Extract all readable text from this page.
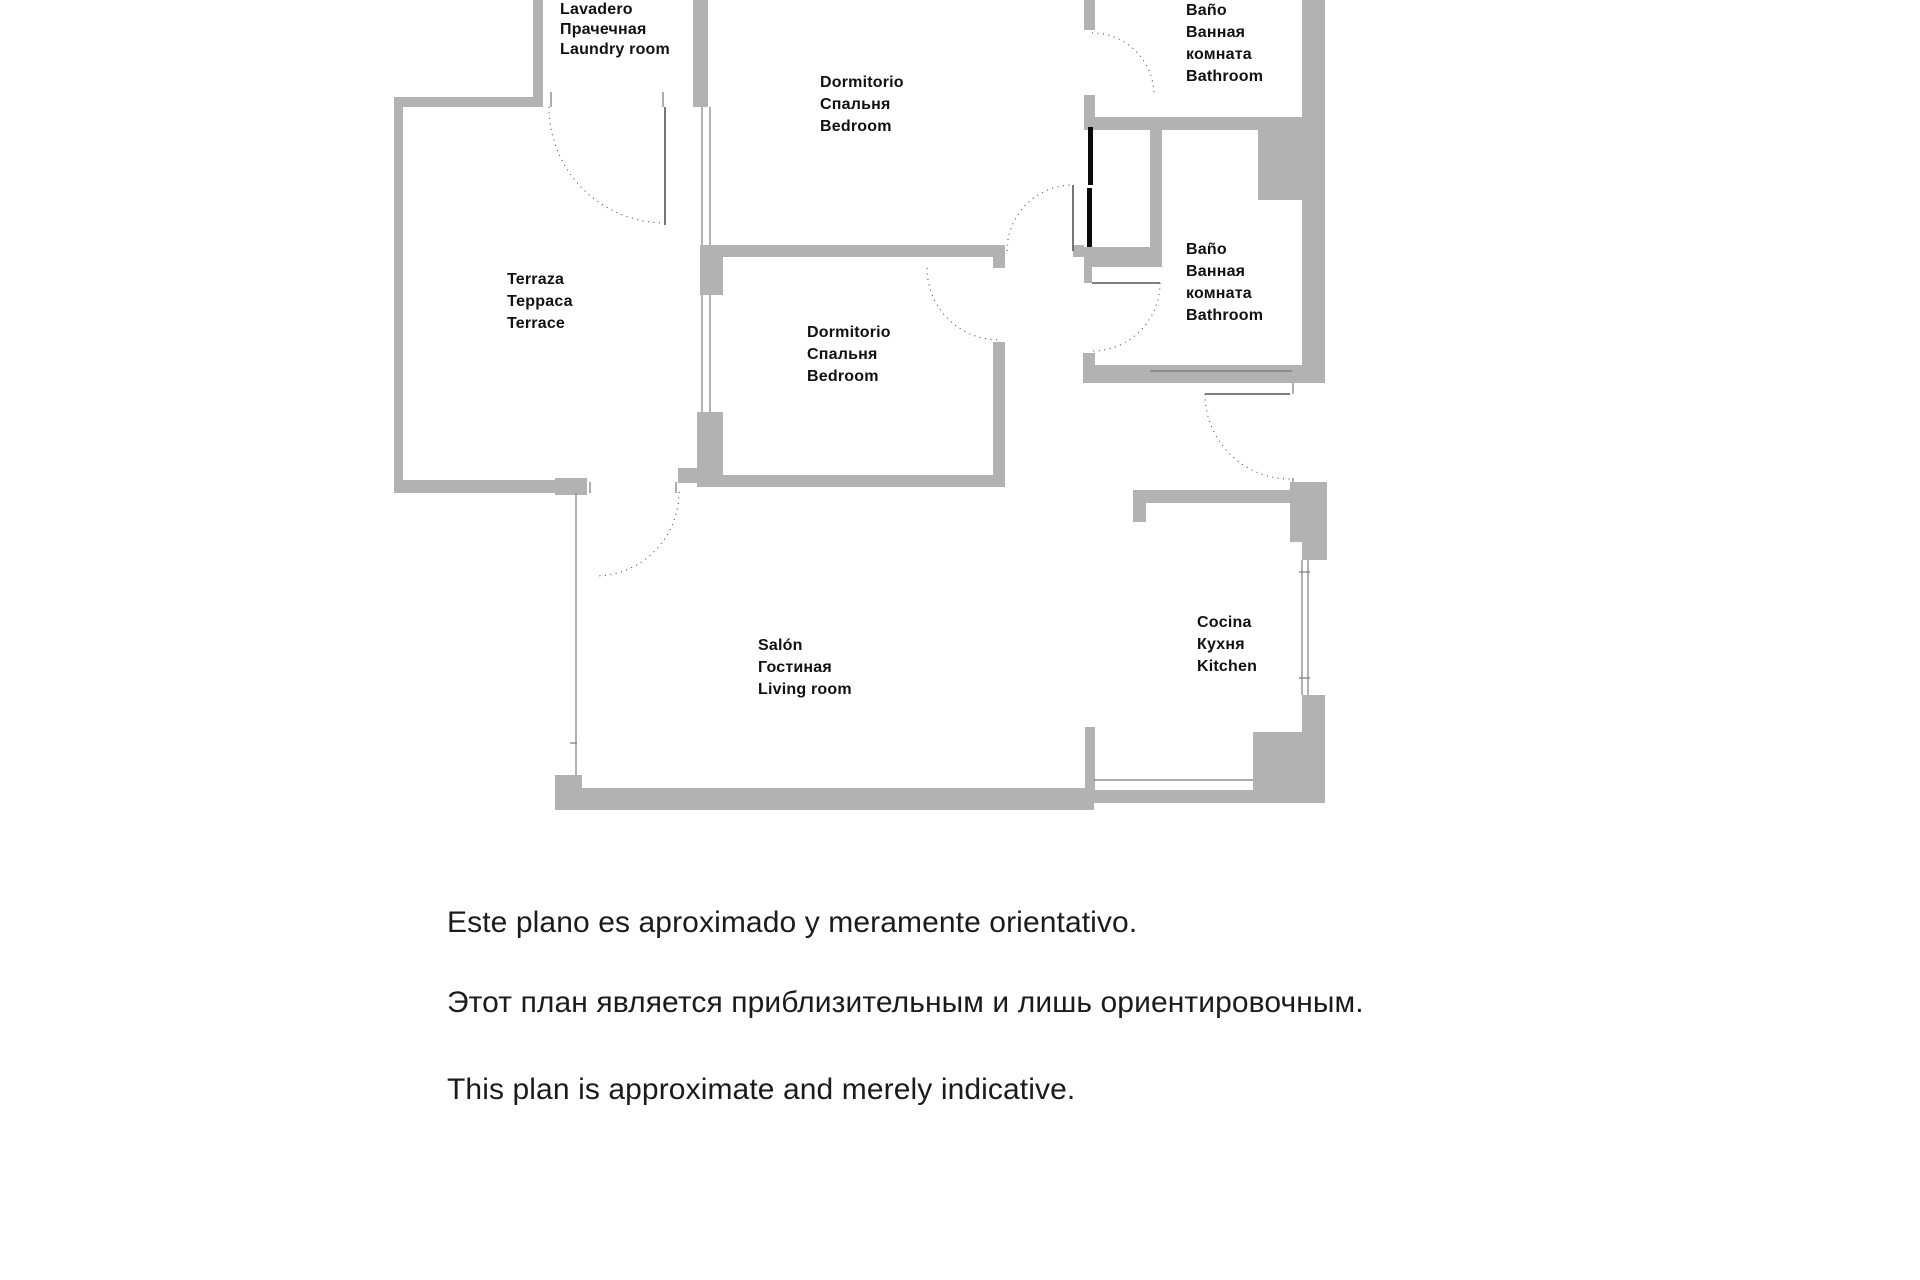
Lavadero
Прачечная
Laundry room
Dormitorio
Спальня
Bedroom
Baño
Ванная
комната
Bathroom
Terraza
Терраса
Terrace
Dormitorio
Спальня
Bedroom
Baño
Ванная
комната
Bathroom
Salón
Гостиная
Living room
Cocina
Кухня
Kitchen
Este plano es aproximado y meramente orientativo.
Этот план является приблизительным и лишь ориентировочным.
This plan is approximate and merely indicative.
